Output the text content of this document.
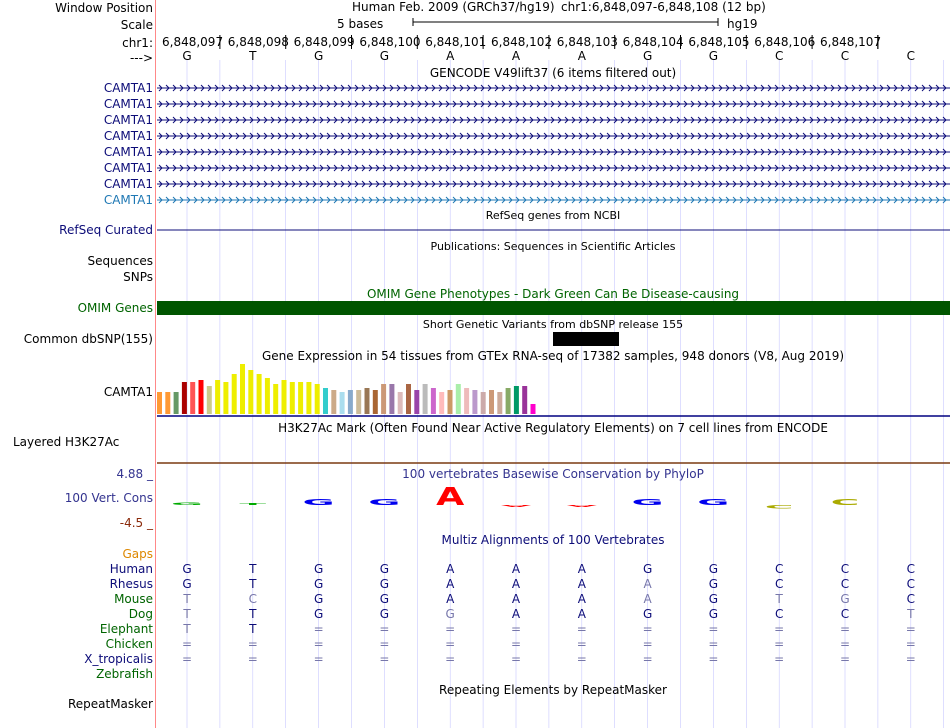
G	T	G G	A	A	A G G	C	C
Window Position	Human Feb. 2009 (GRCh37/hg19) chr1:6,848,097-6,848,108 (12 bp)
Scale	5 bases	hg19
chr1: 6,848,097 6,848,098 6,848,099 6,848,100 6,848,101 6,848,102 6,848,103 6,848,104 6,848,105 6,848,106 6,848,107
--->	G	T	G	G	A	A	A	G	G	C	C	C
GENCODE V49lift37 (6 items filtered out)
CAMTA1
CAMTA1
CAMTA1
CAMTA1
CAMTA1
CAMTA1
CAMTA1
CAMTA1
RefSeq genes from NCBI
RefSeq Curated
Publications: Sequences in Scientific Articles
Sequences
SNPs
OMIM Gene Phenotypes - Dark Green Can Be Disease-causing
OMIM Genes
Short Genetic Variants from dbSNP release 155
Common dbSNP(155)
Gene Expression in 54 tissues from GTEx RNA-seq of 17382 samples, 948 donors (V8, Aug 2019)
CAMTA1
H3K27Ac Mark (Often Found Near Active Regulatory Elements) on 7 cell lines from ENCODE
Layered H3K27Ac
100 vertebrates Basewise Conservation by PhyloP
4.88 _
100 Vert. Cons
-4.5 _
Multiz Alignments of 100 Vertebrates
Gaps
Human	G	T	G	G	A	A	A	G	G	C	C	C
Rhesus	G	T	G	G	A	A	A	A	G	C	C	C
Mouse	T	C	G	G	A	A	A	A	G	T	G	C
Dog	T	T	G	G	G	A	A	G	G	C	C	T
Elephant	T	T	=	=	=	=	=	=	=	=	=	=
Chicken	=	=	=	=	=	=	=	=	=	=	=	=
X_tropicalis	=	=	=	=	=	=	=	=	=	=	=	=
Zebrafish
Repeating Elements by RepeatMasker
RepeatMasker
